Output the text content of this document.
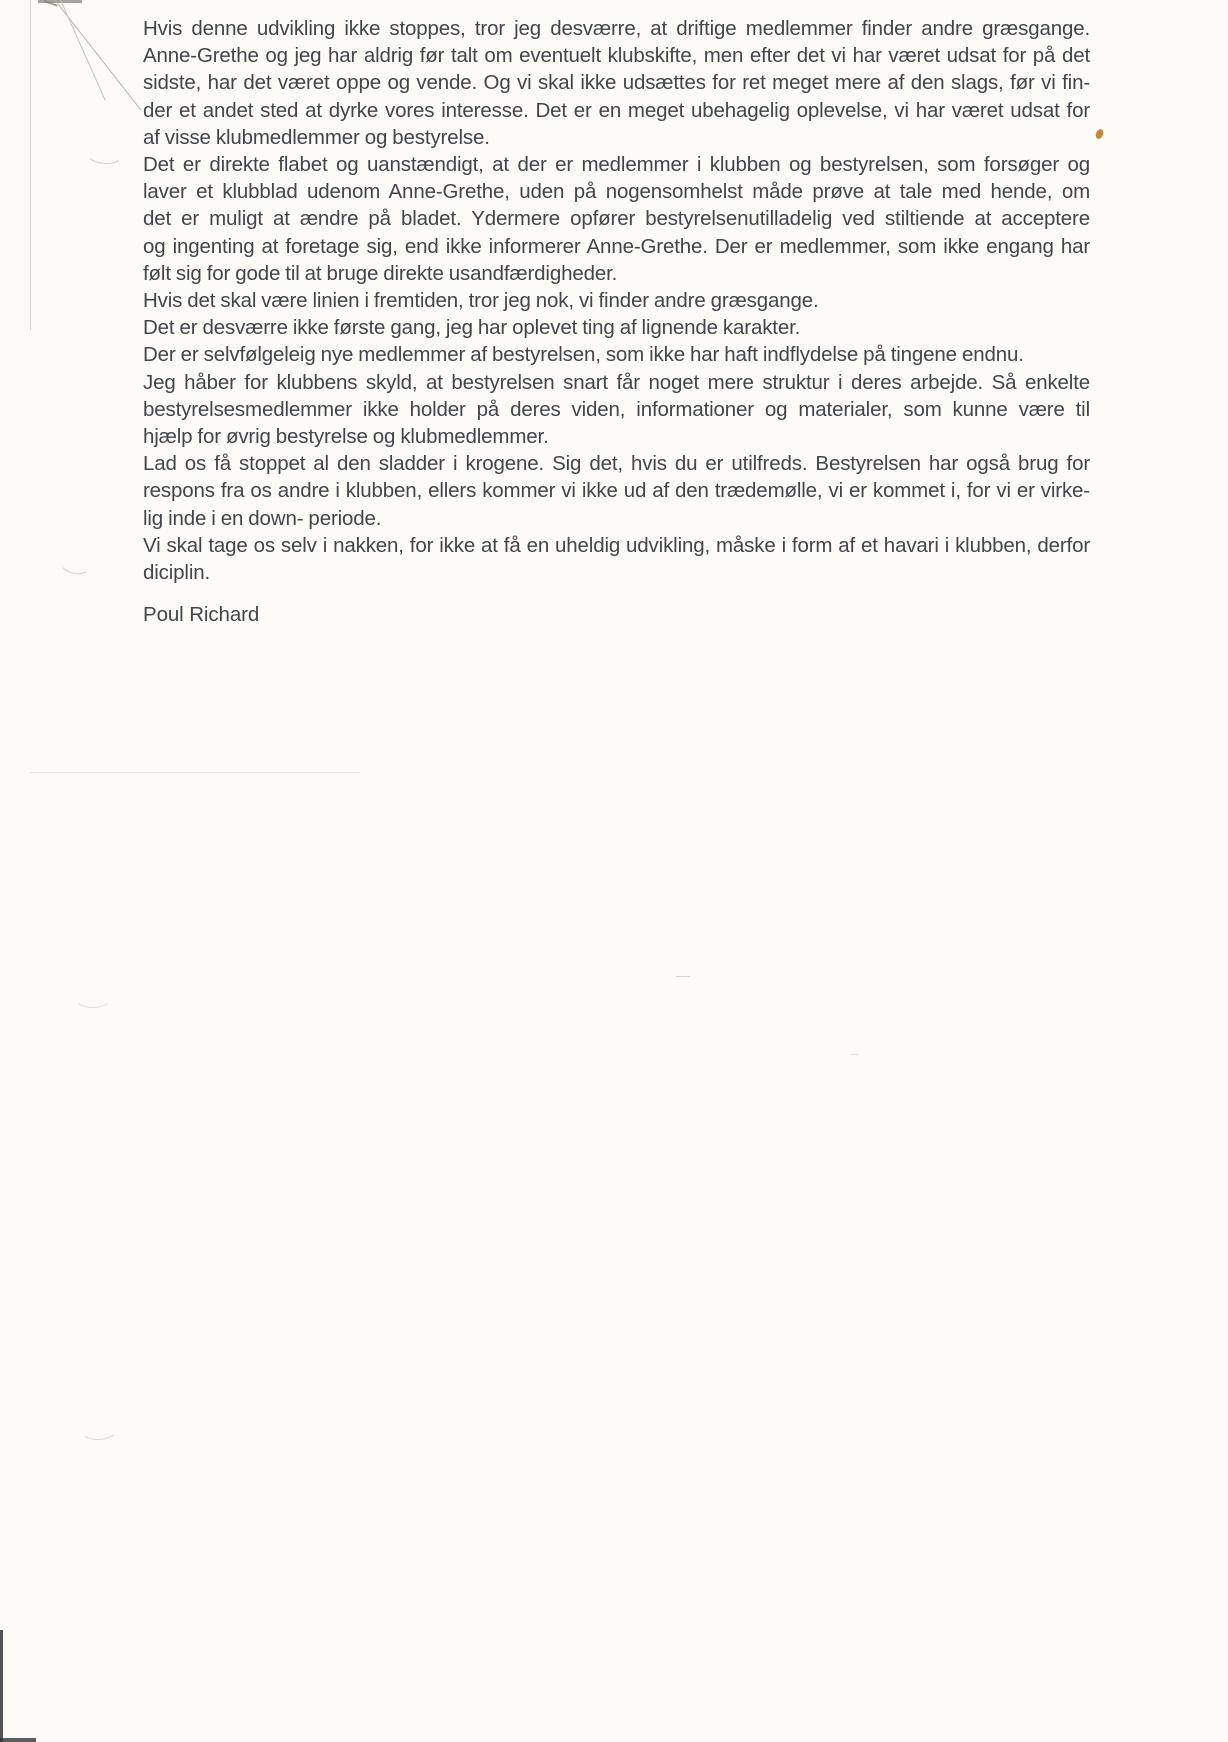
Hvis denne udvikling ikke stoppes, tror jeg desværre, at driftige medlemmer finder andre græsgange.
Anne-Grethe og jeg har aldrig før talt om eventuelt klubskifte, men efter det vi har været udsat for på det
sidste, har det været oppe og vende. Og vi skal ikke udsættes for ret meget mere af den slags, før vi fin-
der et andet sted at dyrke vores interesse. Det er en meget ubehagelig oplevelse, vi har været udsat for
af visse klubmedlemmer og bestyrelse.
Det er direkte flabet og uanstændigt, at der er medlemmer i klubben og bestyrelsen, som forsøger og
laver et klubblad udenom Anne-Grethe, uden på nogensomhelst måde prøve at tale med hende, om
det er muligt at ændre på bladet. Ydermere opfører bestyrelsenutilladelig ved stiltiende at acceptere
og ingenting at foretage sig, end ikke informerer Anne-Grethe. Der er medlemmer, som ikke engang har
følt sig for gode til at bruge direkte usandfærdigheder.
Hvis det skal være linien i fremtiden, tror jeg nok, vi finder andre græsgange.
Det er desværre ikke første gang, jeg har oplevet ting af lignende karakter.
Der er selvfølgeleig nye medlemmer af bestyrelsen, som ikke har haft indflydelse på tingene endnu.
Jeg håber for klubbens skyld, at bestyrelsen snart får noget mere struktur i deres arbejde. Så enkelte
bestyrelsesmedlemmer ikke holder på deres viden, informationer og materialer, som kunne være til
hjælp for øvrig bestyrelse og klubmedlemmer.
Lad os få stoppet al den sladder i krogene. Sig det, hvis du er utilfreds. Bestyrelsen har også brug for
respons fra os andre i klubben, ellers kommer vi ikke ud af den trædemølle, vi er kommet i, for vi er virke-
lig inde i en down- periode.
Vi skal tage os selv i nakken, for ikke at få en uheldig udvikling, måske i form af et havari i klubben, derfor
diciplin.
Poul Richard
